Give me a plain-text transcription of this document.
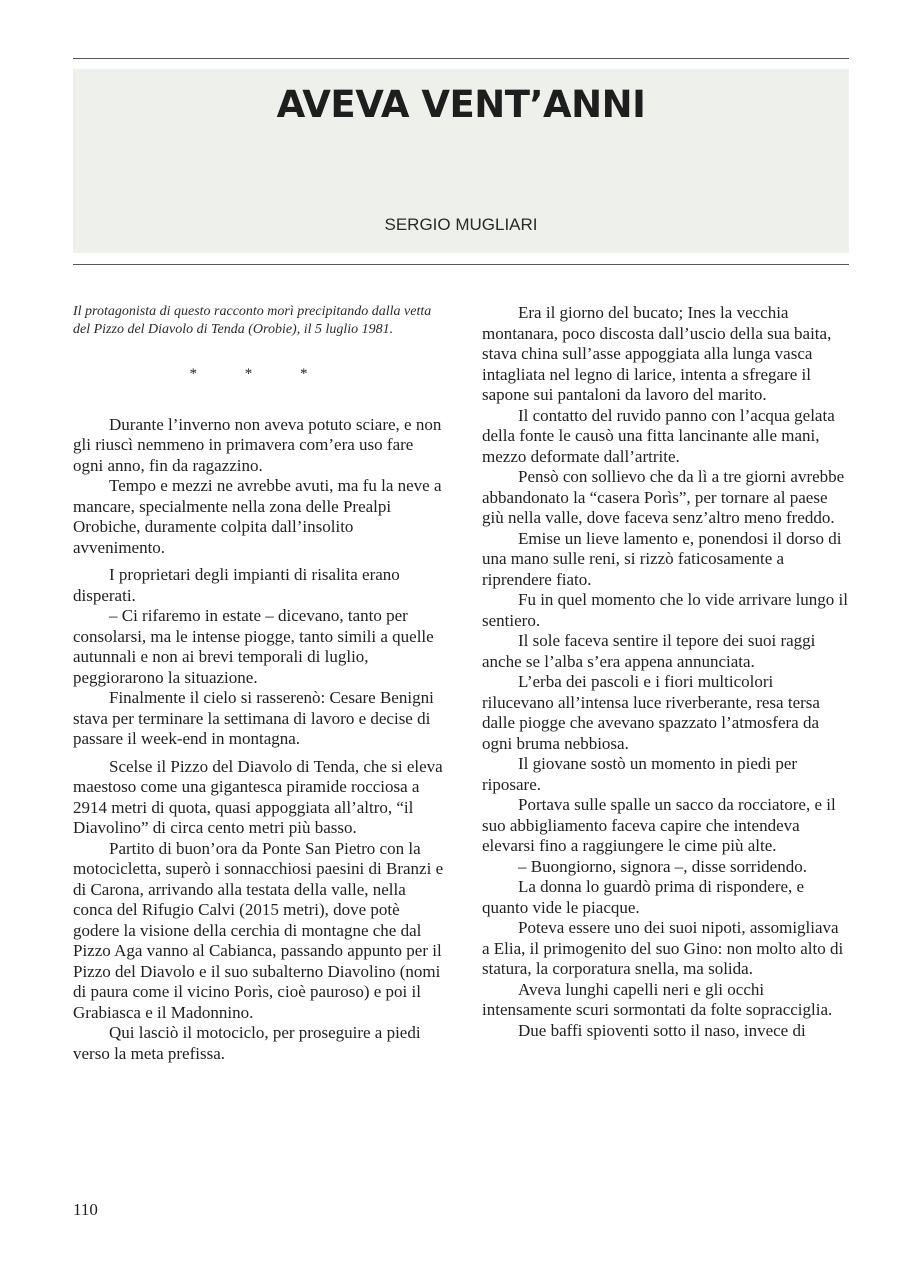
AVEVA VENT’ANNI

SERGIO MUGLIARI

Il protagonista di questo racconto morì precipitando dalla vetta del Pizzo del Diavolo di Tenda (Orobie), il 5 luglio 1981.

* * *

Durante l’inverno non aveva potuto sciare, e non gli riuscì nemmeno in primavera com’era uso fare ogni anno, fin da ragazzino.

Tempo e mezzi ne avrebbe avuti, ma fu la neve a mancare, specialmente nella zona delle Prealpi Orobiche, duramente colpita dall’insolito avvenimento.

I proprietari degli impianti di risalita erano disperati.

– Ci rifaremo in estate – dicevano, tanto per consolarsi, ma le intense piogge, tanto simili a quelle autunnali e non ai brevi temporali di luglio, peggiorarono la situazione.

Finalmente il cielo si rasserenò: Cesare Benigni stava per terminare la settimana di lavoro e decise di passare il week-end in montagna.

Scelse il Pizzo del Diavolo di Tenda, che si eleva maestoso come una gigantesca piramide rocciosa a 2914 metri di quota, quasi appoggiata all’altro, “il Diavolino” di circa cento metri più basso.

Partito di buon’ora da Ponte San Pietro con la motocicletta, superò i sonnacchiosi paesini di Branzi e di Carona, arrivando alla testata della valle, nella conca del Rifugio Calvi (2015 metri), dove potè godere la visione della cerchia di montagne che dal Pizzo Aga vanno al Cabianca, passando appunto per il Pizzo del Diavolo e il suo subalterno Diavolino (nomi di paura come il vicino Porìs, cioè pauroso) e poi il Grabiasca e il Madonnino.

Qui lasciò il motociclo, per proseguire a piedi verso la meta prefissa.

Era il giorno del bucato; Ines la vecchia montanara, poco discosta dall’uscio della sua baita, stava china sull’asse appoggiata alla lunga vasca intagliata nel legno di larice, intenta a sfregare il sapone sui pantaloni da lavoro del marito.

Il contatto del ruvido panno con l’acqua gelata della fonte le causò una fitta lancinante alle mani, mezzo deformate dall’artrite.

Pensò con sollievo che da lì a tre giorni avrebbe abbandonato la “casera Porìs”, per tornare al paese giù nella valle, dove faceva senz’altro meno freddo.

Emise un lieve lamento e, ponendosi il dorso di una mano sulle reni, si rizzò faticosamente a riprendere fiato.

Fu in quel momento che lo vide arrivare lungo il sentiero.

Il sole faceva sentire il tepore dei suoi raggi anche se l’alba s’era appena annunciata.

L’erba dei pascoli e i fiori multicolori rilucevano all’intensa luce riverberante, resa tersa dalle piogge che avevano spazzato l’atmosfera da ogni bruma nebbiosa.

Il giovane sostò un momento in piedi per riposare.

Portava sulle spalle un sacco da rocciatore, e il suo abbigliamento faceva capire che intendeva elevarsi fino a raggiungere le cime più alte.

– Buongiorno, signora –, disse sorridendo.

La donna lo guardò prima di rispondere, e quanto vide le piacque.

Poteva essere uno dei suoi nipoti, assomigliava a Elia, il primogenito del suo Gino: non molto alto di statura, la corporatura snella, ma solida.

Aveva lunghi capelli neri e gli occhi intensamente scuri sormontati da folte sopracciglia.

Due baffi spioventi sotto il naso, invece di

110
